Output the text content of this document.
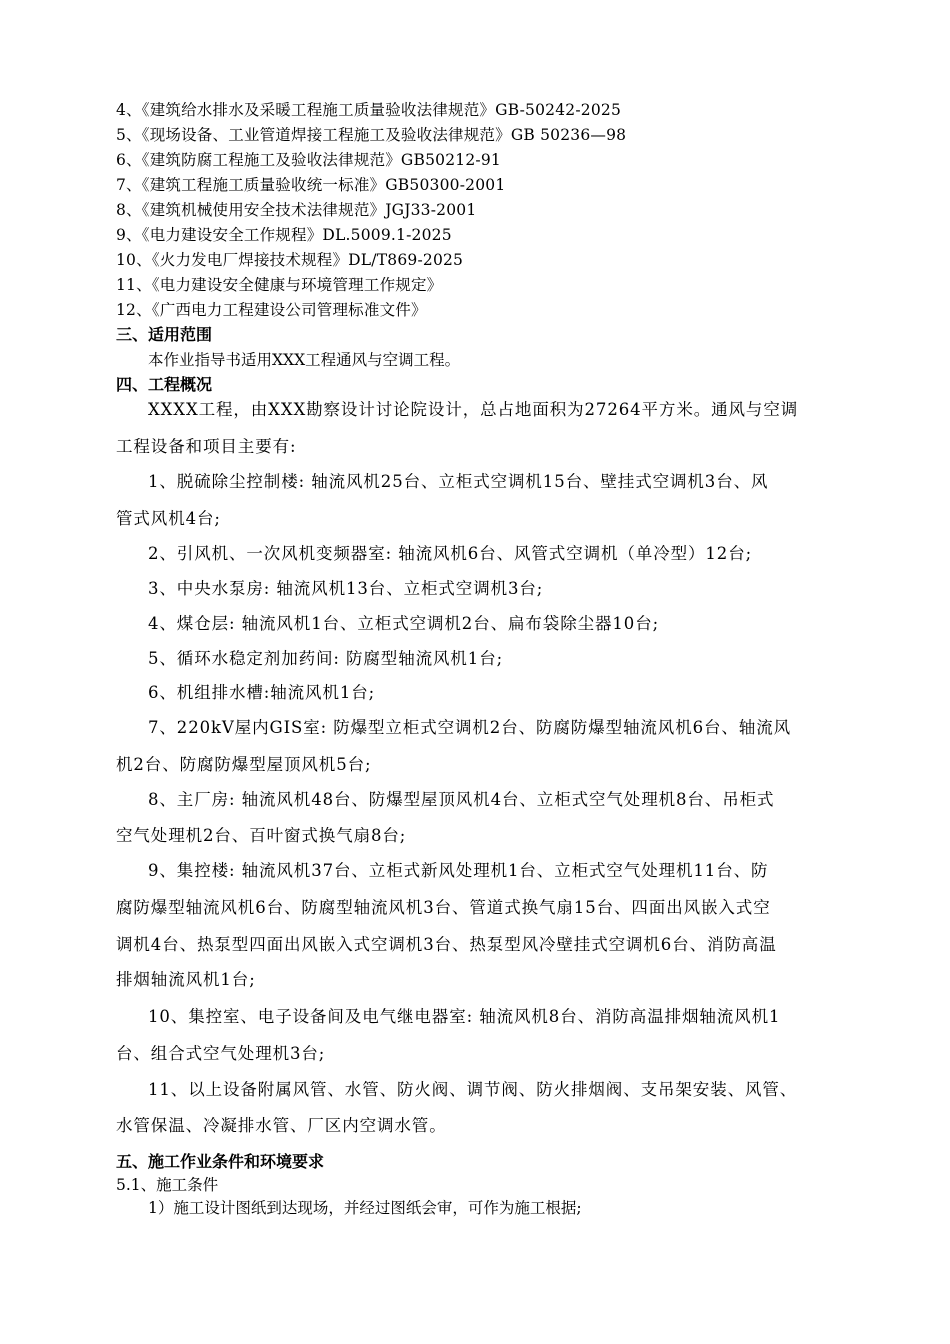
4、《建筑给水排水及采暖工程施工质量验收法律规范》GB-50242-2025
5、《现场设备、工业管道焊接工程施工及验收法律规范》GB 50236—98
6、《建筑防腐工程施工及验收法律规范》GB50212-91
7、《建筑工程施工质量验收统一标准》GB50300-2001
8、《建筑机械使用安全技术法律规范》JGJ33-2001
9、《电力建设安全工作规程》DL.5009.1-2025
10、《火力发电厂焊接技术规程》DL/T869-2025
11、《电力建设安全健康与环境管理工作规定》
12、《广西电力工程建设公司管理标准文件》
三、适用范围
本作业指导书适用XXX工程通风与空调工程。
四、工程概况
XXXX工程，由XXX勘察设计讨论院设计，总占地面积为27264平方米。通风与空调
工程设备和项目主要有:
1、脱硫除尘控制楼: 轴流风机25台、立柜式空调机15台、壁挂式空调机3台、风
管式风机4台;
2、引风机、一次风机变频器室: 轴流风机6台、风管式空调机（单冷型）12台;
3、中央水泵房: 轴流风机13台、立柜式空调机3台;
4、煤仓层: 轴流风机1台、立柜式空调机2台、扁布袋除尘器10台;
5、循环水稳定剂加药间: 防腐型轴流风机1台;
6、机组排水槽:轴流风机1台;
7、220kV屋内GIS室: 防爆型立柜式空调机2台、防腐防爆型轴流风机6台、轴流风
机2台、防腐防爆型屋顶风机5台;
8、主厂房: 轴流风机48台、防爆型屋顶风机4台、立柜式空气处理机8台、吊柜式
空气处理机2台、百叶窗式换气扇8台;
9、集控楼: 轴流风机37台、立柜式新风处理机1台、立柜式空气处理机11台、防
腐防爆型轴流风机6台、防腐型轴流风机3台、管道式换气扇15台、四面出风嵌入式空
调机4台、热泵型四面出风嵌入式空调机3台、热泵型风冷壁挂式空调机6台、消防高温
排烟轴流风机1台;
10、集控室、电子设备间及电气继电器室: 轴流风机8台、消防高温排烟轴流风机1
台、组合式空气处理机3台;
11、以上设备附属风管、水管、防火阀、调节阀、防火排烟阀、支吊架安装、风管、
水管保温、冷凝排水管、厂区内空调水管。
五、施工作业条件和环境要求
5.1、施工条件
1）施工设计图纸到达现场，并经过图纸会审，可作为施工根据;
